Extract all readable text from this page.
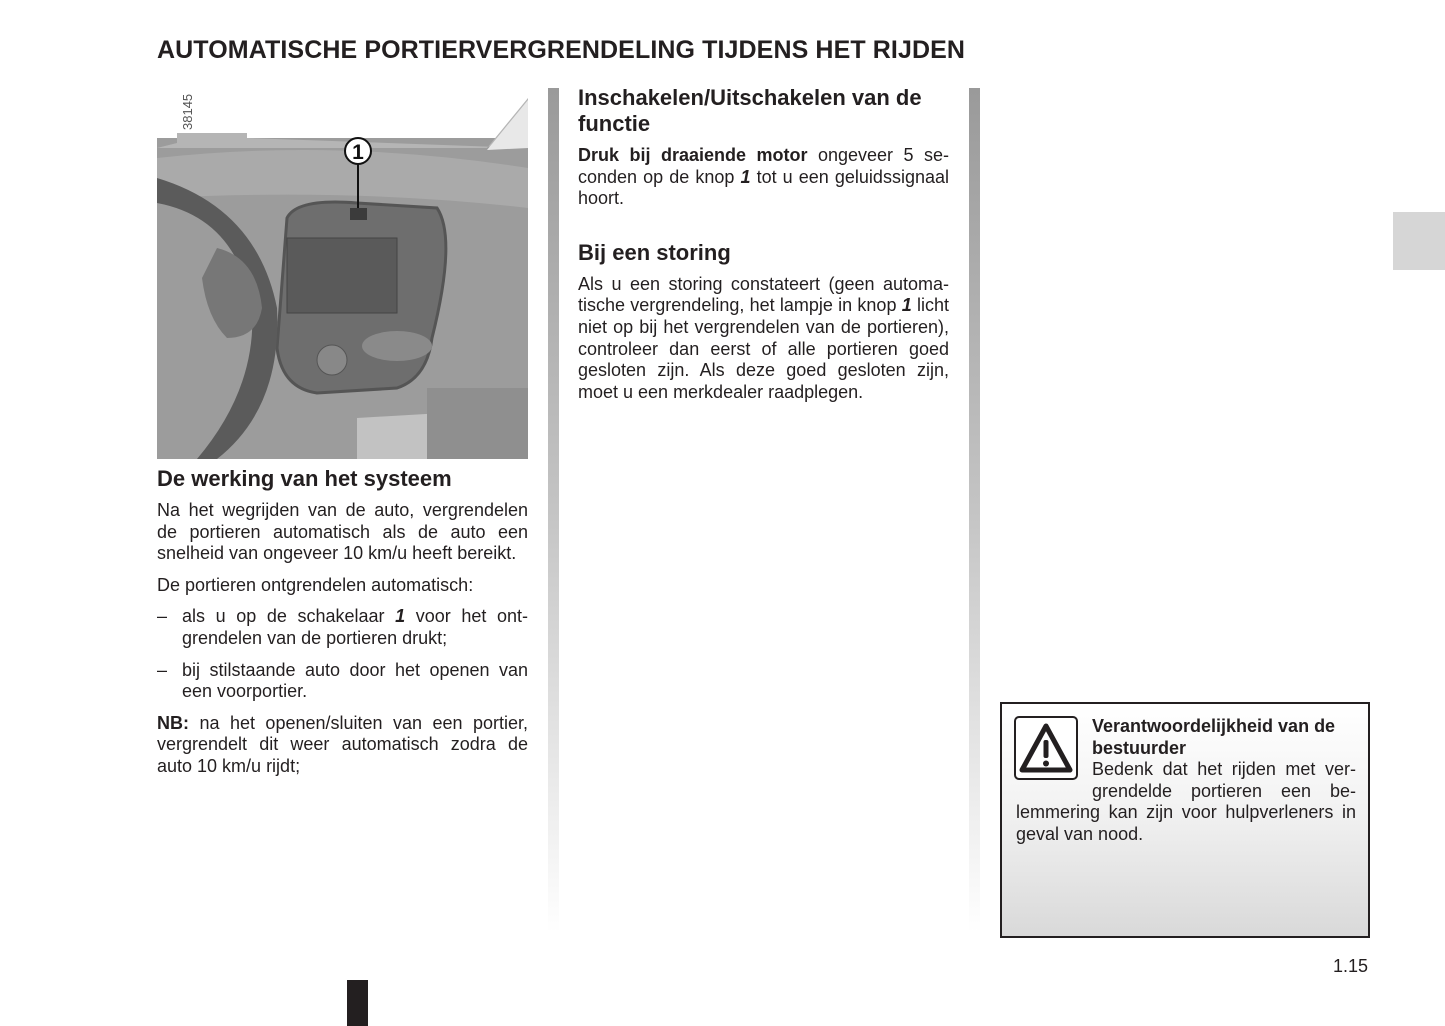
AUTOMATISCHE PORTIERVERGRENDELING TIJDENS HET RIJDEN
38145
1
De werking van het systeem

Na het wegrijden van de auto, vergrendelen de portieren automatisch als de auto een snelheid van ongeveer 10 km/u heeft bereikt.

De portieren ontgrendelen automatisch:

– als u op de schakelaar 1 voor het ontgrendelen van de portieren drukt;
– bij stilstaande auto door het openen van een voorportier.

NB: na het openen/sluiten van een portier, vergrendelt dit weer automatisch zodra de auto 10 km/u rijdt;

Inschakelen/Uitschakelen van de functie

Druk bij draaiende motor ongeveer 5 seconden op de knop 1 tot u een geluidssignaal hoort.

Bij een storing

Als u een storing constateert (geen automatische vergrendeling, het lampje in knop 1 licht niet op bij het vergrendelen van de portieren), controleer dan eerst of alle portieren goed gesloten zijn. Als deze goed gesloten zijn, moet u een merkdealer raadplegen.

Verantwoordelijkheid van de bestuurder
Bedenk dat het rijden met vergrendelde portieren een belemmering kan zijn voor hulpverleners in geval van nood.
1.15
